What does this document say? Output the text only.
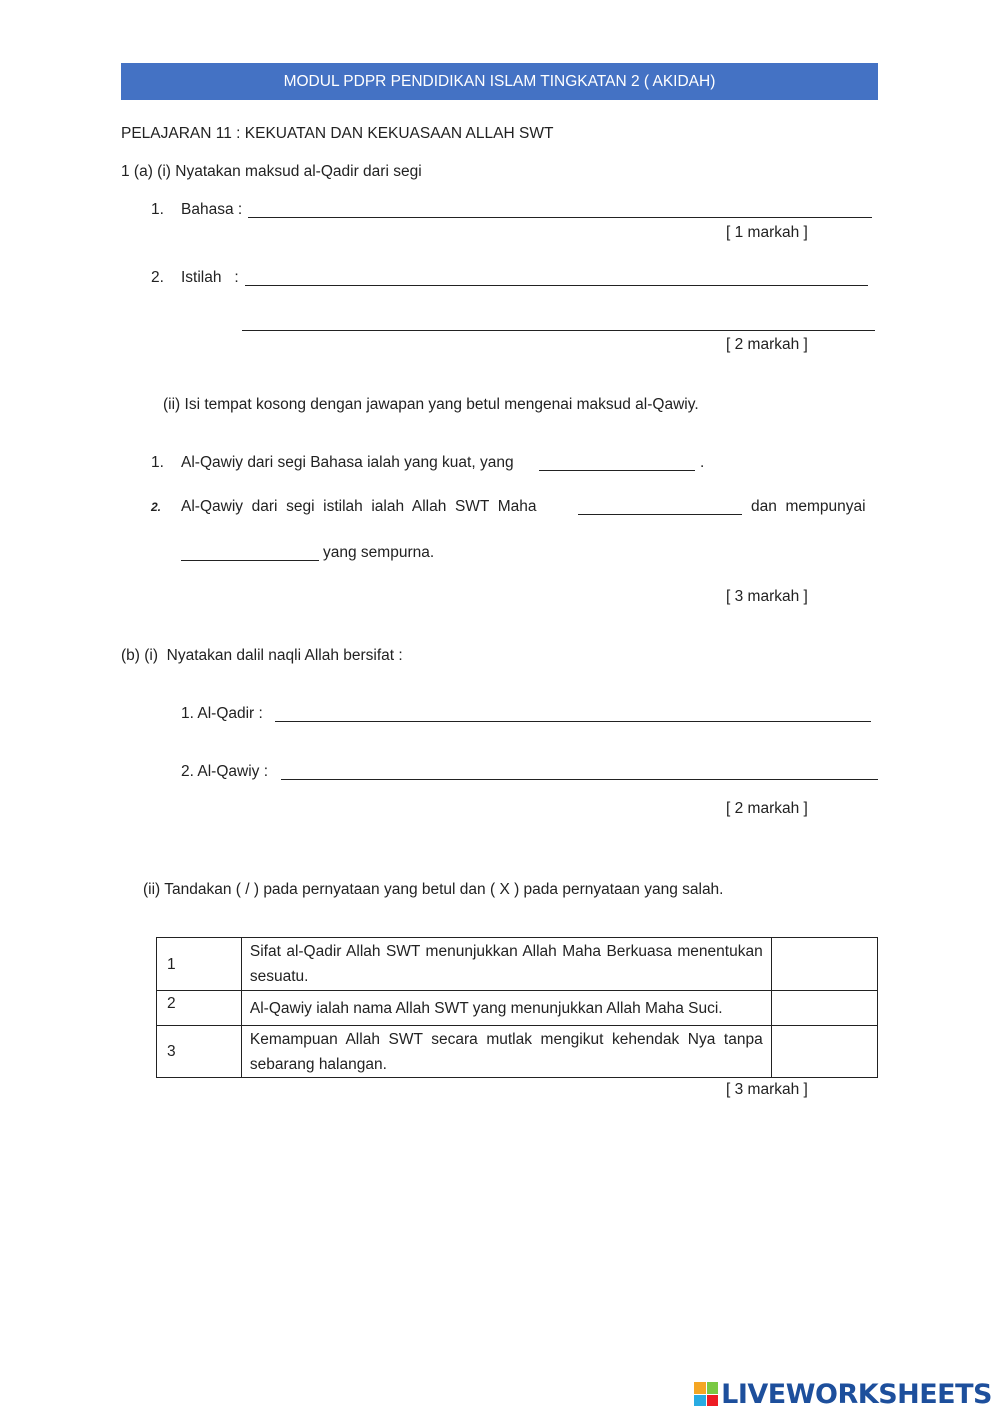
MODUL PDPR PENDIDIKAN ISLAM TINGKATAN 2 ( AKIDAH)
PELAJARAN 11 : KEKUATAN DAN KEKUASAAN ALLAH SWT
1 (a) (i) Nyatakan maksud al-Qadir dari segi
1. Bahasa :
[ 1 markah ]
2. Istilah   :
[ 2 markah ]
(ii) Isi tempat kosong dengan jawapan yang betul mengenai maksud al-Qawiy.
1. Al-Qawiy dari segi Bahasa ialah yang kuat, yang	.
2. Al-Qawiy  dari  segi  istilah  ialah  Allah  SWT  Maha	dan  mempunyai
yang sempurna.
[ 3 markah ]
(b) (i)  Nyatakan dalil naqli Allah bersifat :
1. Al-Qadir :
2. Al-Qawiy :
[ 2 markah ]
(ii) Tandakan ( / ) pada pernyataan yang betul dan ( X ) pada pernyataan yang salah.
1	Sifat al-Qadir Allah SWT menunjukkan Allah Maha Berkuasa menentukan sesuatu.	
2	Al-Qawiy ialah nama Allah SWT yang menunjukkan Allah Maha Suci.	
3	Kemampuan Allah SWT secara mutlak mengikut kehendak Nya tanpa sebarang halangan.	
[ 3 markah ]
LIVEWORKSHEETS
